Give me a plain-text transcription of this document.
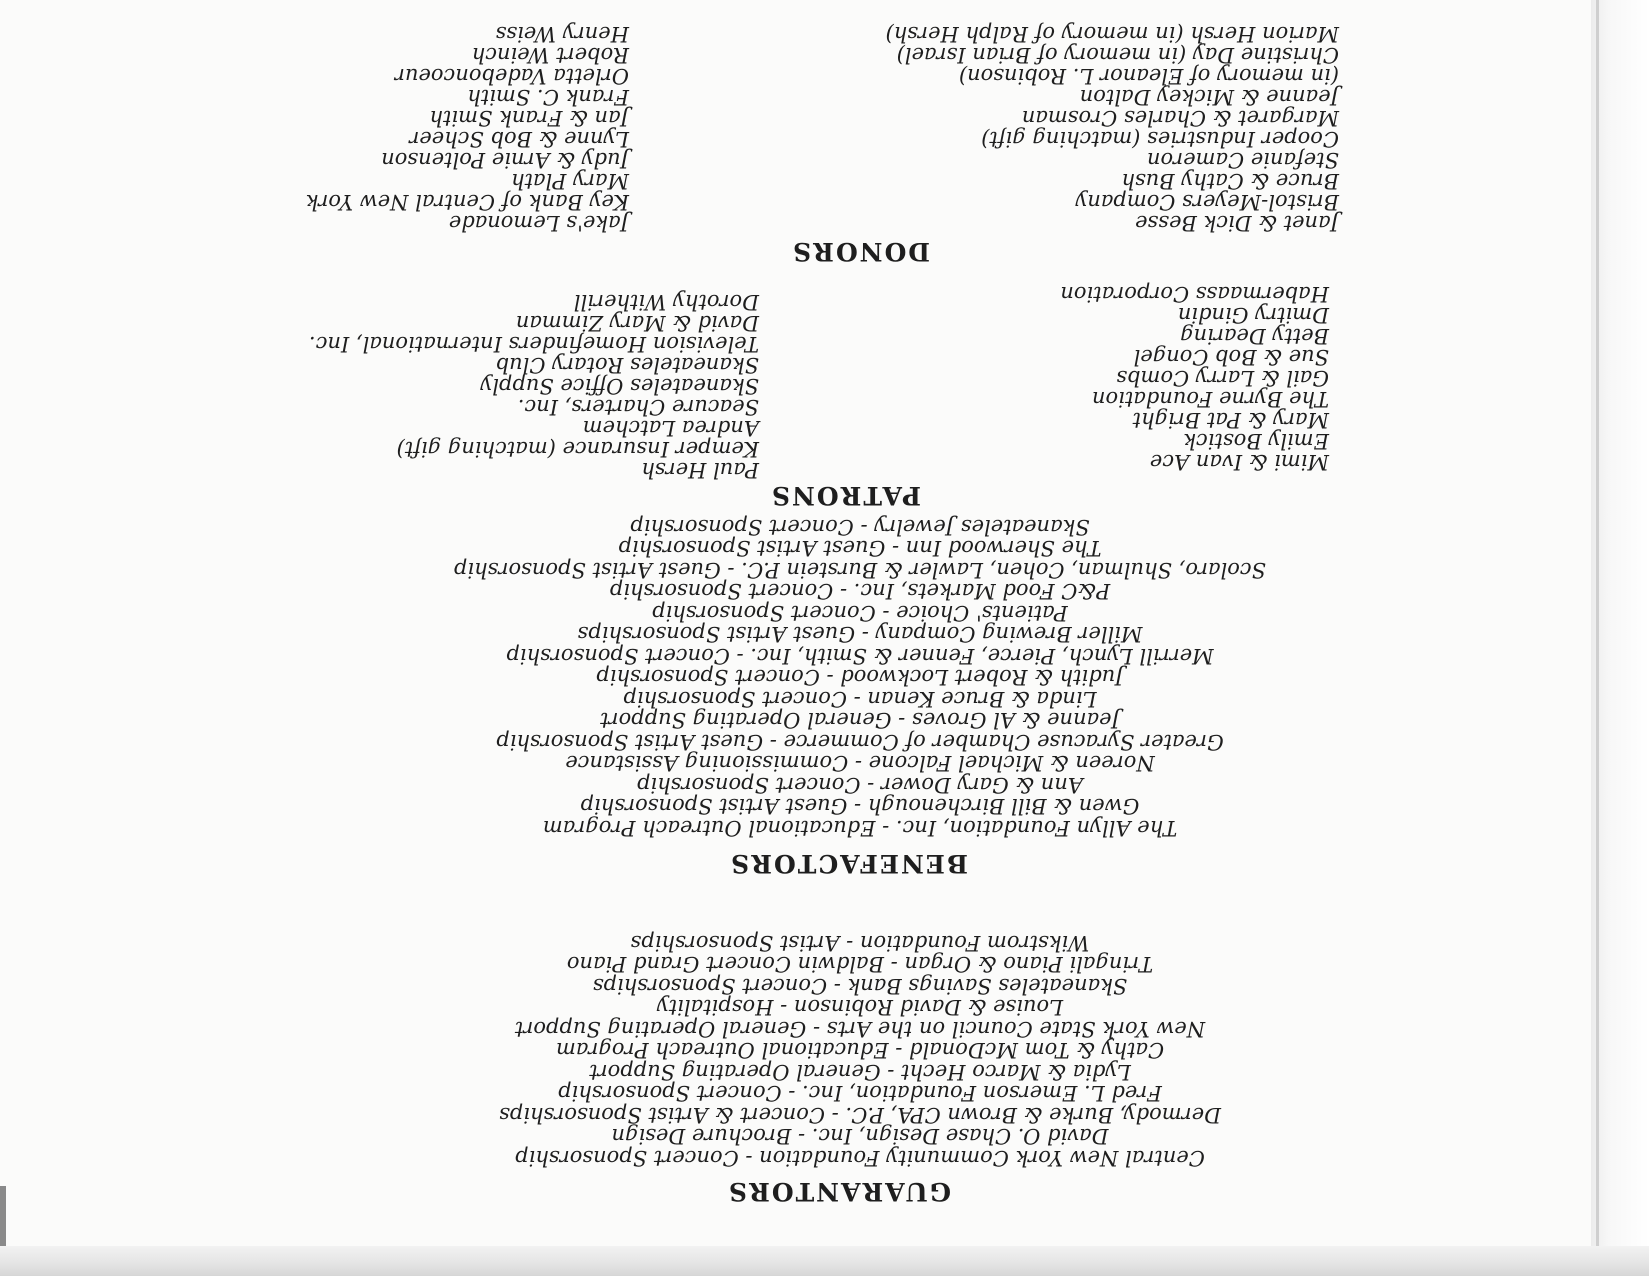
GUARANTORS
Central New York Community Foundation - Concert Sponsorship
David O. Chase Design, Inc. - Brochure Design
Dermody, Burke & Brown CPA, P.C. - Concert & Artist Sponsorships
Fred L. Emerson Foundation, Inc. - Concert Sponsorship
Lydia & Marco Hecht - General Operating Support
Cathy & Tom McDonald - Educational Outreach Program
New York State Council on the Arts - General Operating Support
Louise & David Robinson - Hospitality
Skaneateles Savings Bank - Concert Sponsorships
Tringali Piano & Organ - Baldwin Concert Grand Piano
Wikstrom Foundation - Artist Sponsorships
BENEFACTORS
The Allyn Foundation, Inc. - Educational Outreach Program
Gwen & Bill Birchenough - Guest Artist Sponsorship
Ann & Gary Dower - Concert Sponsorship
Noreen & Michael Falcone - Commissioning Assistance
Greater Syracuse Chamber of Commerce - Guest Artist Sponsorship
Jeanne & Al Groves - General Operating Support
Linda & Bruce Kenan - Concert Sponsorship
Judith & Robert Lockwood - Concert Sponsorship
Merrill Lynch, Pierce, Fenner & Smith, Inc. - Concert Sponsorship
Miller Brewing Company - Guest Artist Sponsorships
Patients' Choice - Concert Sponsorship
P&C Food Markets, Inc. - Concert Sponsorship
Scolaro, Shulman, Cohen, Lawler & Burstein P.C. - Guest Artist Sponsorship
The Sherwood Inn - Guest Artist Sponsorship
Skaneateles Jewelry - Concert Sponsorship
PATRONS
Mimi & Ivan Ace
Emily Bostick
Mary & Pat Bright
The Byrne Foundation
Gail & Larry Combs
Sue & Bob Congel
Betty Dearing
Dmitry Gindin
Habermaass Corporation
Paul Hersh
Kemper Insurance (matching gift)
Andrea Latchem
Seacure Charters, Inc.
Skaneateles Office Supply
Skaneateles Rotary Club
Television Homefinders International, Inc.
David & Mary Zimman
Dorothy Witherill
DONORS
Janet & Dick Besse
Bristol-Meyers Company
Bruce & Cathy Bush
Stefanie Cameron
Cooper Industries (matching gift)
Margaret & Charles Crosman
Jeanne & Mickey Dalton
(in memory of Eleanor L. Robinson)
Christine Day (in memory of Brian Israel)
Marion Hersh (in memory of Ralph Hersh)
Jake's Lemonade
Key Bank of Central New York
Mary Plath
Judy & Arnie Poltenson
Lynne & Bob Scheer
Jan & Frank Smith
Frank C. Smith
Orletta Vadeboncoeur
Robert Weinch
Henry Weiss
